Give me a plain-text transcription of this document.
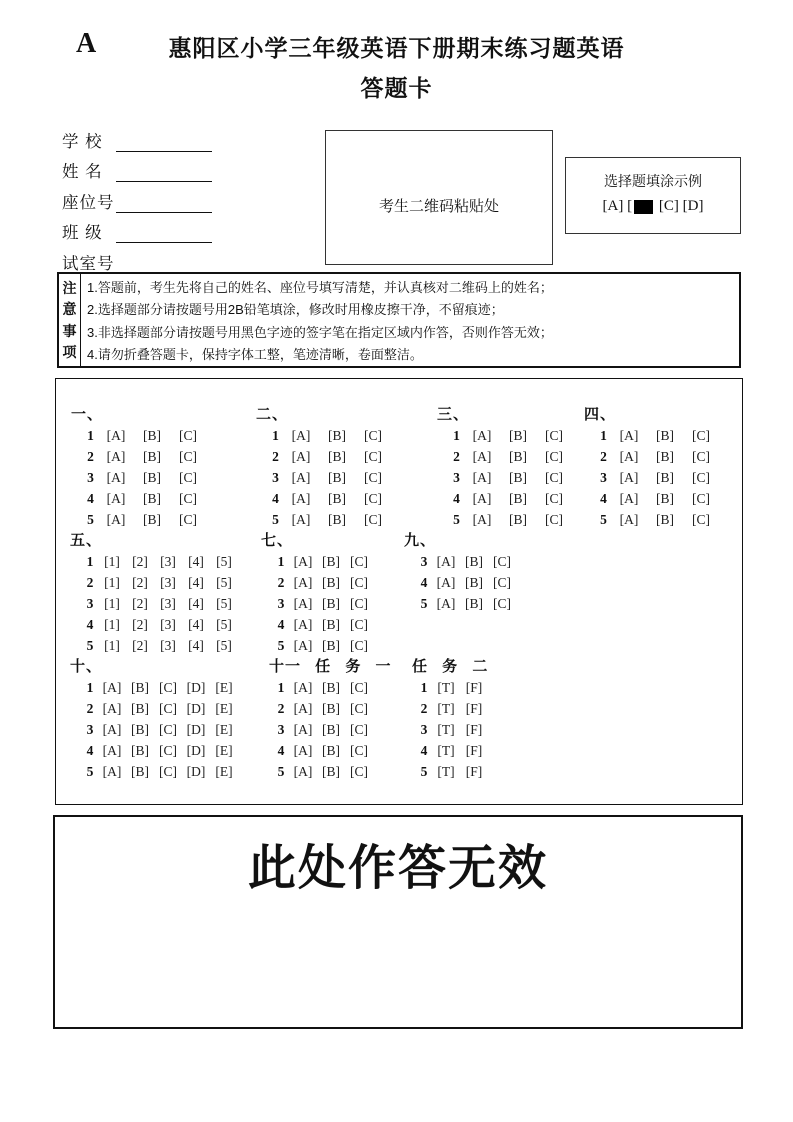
A	惠阳区小学三年级英语下册期末练习题英语
答题卡
学 校
姓 名
座位号
班 级
试室号
考生二维码粘贴处
选择题填涂示例
[A] [ [C] [D]
注
意
事
项
1.答题前，考生先将自己的姓名、座位号填写清楚，并认真核对二维码上的姓名；
2.选择题部分请按题号用2B铅笔填涂，修改时用橡皮擦干净，不留痕迹；
3.非选择题部分请按题号用黑色字迹的签字笔在指定区域内作答，否则作答无效；
4.请勿折叠答题卡，保持字体工整，笔迹清晰，卷面整洁。
一、
1 [A]	[B]	[C]
2 [A]	[B]	[C]
3 [A]	[B]	[C]
4 [A]	[B]	[C]
5 [A]	[B]	[C]
二、
1 [A]	[B]	[C]
2 [A]	[B]	[C]
3 [A]	[B]	[C]
4 [A]	[B]	[C]
5 [A]	[B]	[C]
三、
1 [A]	[B]	[C]
2 [A]	[B]	[C]
3 [A]	[B]	[C]
4 [A]	[B]	[C]
5 [A]	[B]	[C]
四、
1 [A]	[B]	[C]
2 [A]	[B]	[C]
3 [A]	[B]	[C]
4 [A]	[B]	[C]
5 [A]	[B]	[C]
五、
1 [1] [2] [3] [4] [5]
2 [1] [2] [3] [4] [5]
3 [1] [2] [3] [4] [5]
4 [1] [2] [3] [4] [5]
5 [1] [2] [3] [4] [5]
七、
1 [A] [B] [C]
2 [A] [B] [C]
3 [A] [B] [C]
4 [A] [B] [C]
5 [A] [B] [C]
九、
3 [A] [B] [C]
4 [A] [B] [C]
5 [A] [B] [C]
十、
1 [A] [B] [C] [D] [E]
2 [A] [B] [C] [D] [E]
3 [A] [B] [C] [D] [E]
4 [A] [B] [C] [D] [E]
5 [A] [B] [C] [D] [E]
十一 任 务 一
1 [A] [B] [C]
2 [A] [B] [C]
3 [A] [B] [C]
4 [A] [B] [C]
5 [A] [B] [C]
任 务 二
1 [T] [F]
2 [T] [F]
3 [T] [F]
4 [T] [F]
5 [T] [F]
此处作答无效
